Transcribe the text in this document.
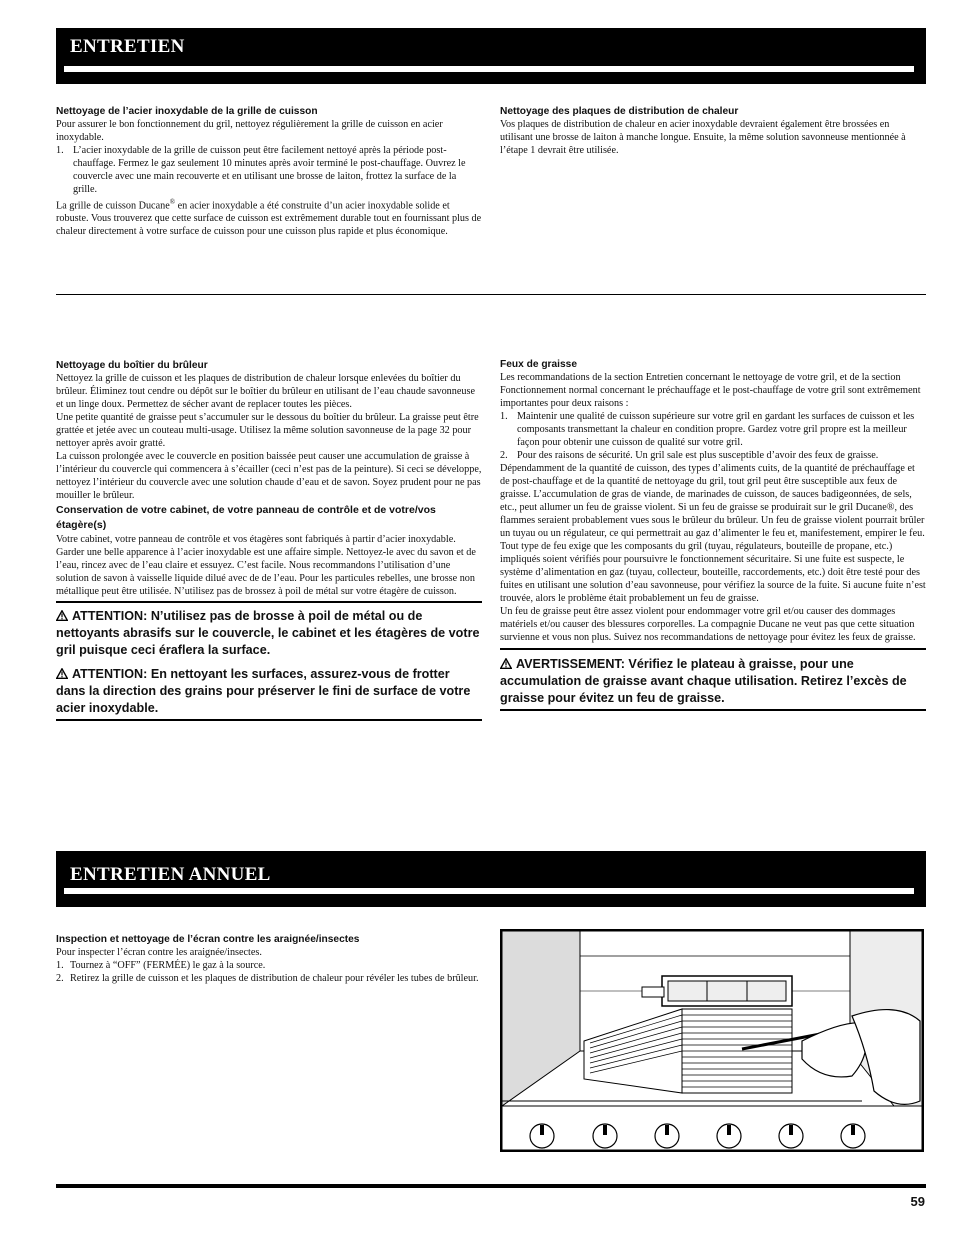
ENTRETIEN

Nettoyage de l’acier inoxydable de la grille de cuisson

Pour assurer le bon fonctionnement du gril, nettoyez régulièrement la grille de cuisson en acier inoxydable.

1. L’acier inoxydable de la grille de cuisson peut être facilement nettoyé après la période post-chauffage. Fermez le gaz seulement 10 minutes après avoir terminé le post-chauffage. Ouvrez le couvercle avec une main recouverte et en utilisant une brosse de laiton, frottez la surface de la grille.

La grille de cuisson Ducane® en acier inoxydable a été construite d’un acier inoxydable solide et robuste. Vous trouverez que cette surface de cuisson est extrêmement durable tout en fournissant plus de chaleur directement à votre surface de cuisson pour une cuisson plus rapide et plus économique.

Nettoyage des plaques de distribution de chaleur

Vos plaques de distribution de chaleur en acier inoxydable devraient également être brossées en utilisant une brosse de laiton à manche longue. Ensuite, la même solution savonneuse mentionnée à l’étape 1 devrait être utilisée.

Nettoyage du boîtier du brûleur

Nettoyez la grille de cuisson et les plaques de distribution de chaleur lorsque enlevées du boîtier du brûleur. Éliminez tout cendre ou dépôt sur le boîtier du brûleur en utilisant de l’eau chaude savonneuse et un linge doux. Permettez de sécher avant de replacer toutes les pièces.

Une petite quantité de graisse peut s’accumuler sur le dessous du boîtier du brûleur. La graisse peut être grattée et jetée avec un couteau multi-usage. Utilisez la même solution savonneuse de la page 32 pour nettoyer après avoir gratté.

La cuisson prolongée avec le couvercle en position baissée peut causer une accumulation de graisse à l’intérieur du couvercle qui commencera à s’écailler (ceci n’est pas de la peinture). Si ceci se développe, nettoyez l’intérieur du couvercle avec une solution chaude d’eau et de savon. Soyez prudent pour ne pas mouiller le brûleur.

Conservation de votre cabinet, de votre panneau de contrôle et de votre/vos étagère(s)

Votre cabinet, votre panneau de contrôle et vos étagères sont fabriqués à partir d’acier inoxydable. Garder une belle apparence à l’acier inoxydable est une affaire simple. Nettoyez-le avec du savon et de l’eau, rincez avec de l’eau claire et essuyez. C’est facile. Nous recommandons l’utilisation d’une solution de savon à vaisselle liquide dilué avec de de l’eau. Pour les particules rebelles, une brosse non métallique peut être utilisée. N’utilisez pas de brossez à poil de métal sur votre étagère de cuisson.

ATTENTION: N’utilisez pas de brosse à poil de métal ou de nettoyants abrasifs sur le couvercle, le cabinet et les étagères de votre gril puisque ceci éraflera la surface.

ATTENTION: En nettoyant les surfaces, assurez-vous de frotter dans la direction des grains pour préserver le fini de surface de votre acier inoxydable.

Feux de graisse

Les recommandations de la section Entretien concernant le nettoyage de votre gril, et de la section Fonctionnement normal concernant le préchauffage et le post-chauffage de votre gril sont extrêmement importantes pour deux raisons :

1. Maintenir une qualité de cuisson supérieure sur votre gril en gardant les surfaces de cuisson et les composants transmettant la chaleur en condition propre. Gardez votre gril propre est la meilleur façon pour obtenir une cuisson de qualité sur votre gril.
2. Pour des raisons de sécurité. Un gril sale est plus susceptible d’avoir des feux de graisse.

Dépendamment de la quantité de cuisson, des types d’aliments cuits, de la quantité de préchauffage et de post-chauffage et de la quantité de nettoyage du gril, tout gril peut être susceptible aux feux de graisse. L’accumulation de gras de viande, de marinades de cuisson, de sauces badigeonnées, de sels, etc., peut allumer un feu de graisse violent. Si un feu de graisse se produirait sur le gril Ducane®, des flammes seraient probablement vues sous le brûleur du brûleur. Un feu de graisse violent pourrait brûler un tuyau ou un régulateur, ce qui permettrait au gaz d’alimenter le feu et, manifestement, empirer le feu.

Tout type de feu exige que les composants du gril (tuyau, régulateurs, bouteille de propane, etc.) impliqués soient vérifiés pour poursuivre le fonctionnement sécuritaire. Si une fuite est suspecte, le système d’alimentation en gaz (tuyau, collecteur, bouteille, raccordements, etc.) doit être testé pour des fuites en utilisant une solution d’eau savonneuse, pour vérifiez la source de la fuite. Si aucune fuite n’est trouvée, alors le problème était probablement un feu de graisse.

Un feu de graisse peut être assez violent pour endommager votre gril et/ou causer des dommages matériels et/ou causer des blessures corporelles. La compagnie Ducane ne veut pas que cette situation survienne et vous non plus. Suivez nos recommandations de nettoyage pour évitez les feux de graisse.

AVERTISSEMENT: Vérifiez le plateau à graisse, pour une accumulation de graisse avant chaque utilisation. Retirez l’excès de graisse pour évitez un feu de graisse.

ENTRETIEN ANNUEL

Inspection et nettoyage de l’écran contre les araignée/insectes

Pour inspecter l’écran contre les araignée/insectes.

1. Tournez à “OFF” (FERMÉE) le gaz à la source.
2. Retirez la grille de cuisson et les plaques de distribution de chaleur pour révéler les tubes de brûleur.
59
